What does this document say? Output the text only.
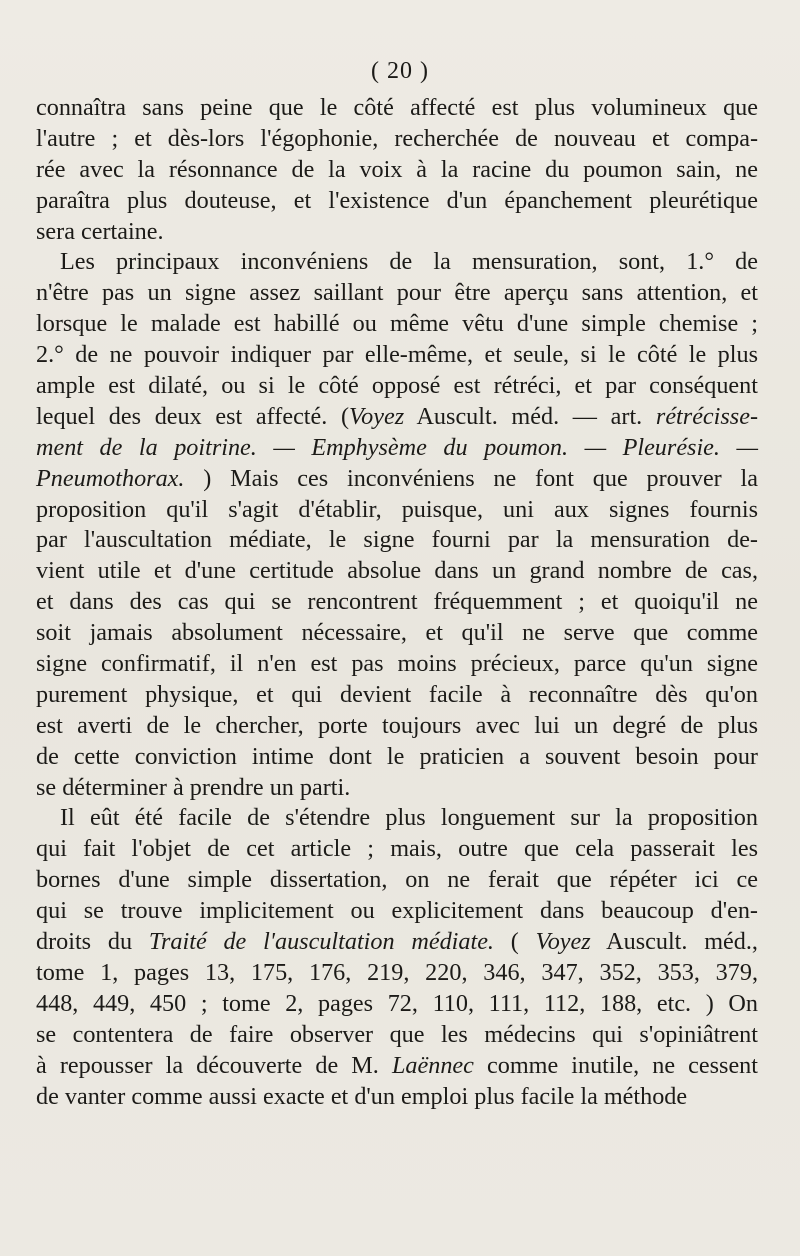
( 20 )
connaîtra sans peine que le côté affecté est plus volumineux que
l'autre ; et dès-lors l'égophonie, recherchée de nouveau et compa-
rée avec la résonnance de la voix à la racine du poumon sain, ne
paraîtra plus douteuse, et l'existence d'un épanchement pleurétique
sera certaine.
Les principaux inconvéniens de la mensuration, sont, 1.° de
n'être pas un signe assez saillant pour être aperçu sans attention, et
lorsque le malade est habillé ou même vêtu d'une simple chemise ;
2.° de ne pouvoir indiquer par elle-même, et seule, si le côté le plus
ample est dilaté, ou si le côté opposé est rétréci, et par conséquent
lequel des deux est affecté. (Voyez Auscult. méd. — art. rétrécisse-
ment de la poitrine. — Emphysème du poumon. — Pleurésie. —
Pneumothorax. ) Mais ces inconvéniens ne font que prouver la
proposition qu'il s'agit d'établir, puisque, uni aux signes fournis
par l'auscultation médiate, le signe fourni par la mensuration de-
vient utile et d'une certitude absolue dans un grand nombre de cas,
et dans des cas qui se rencontrent fréquemment ; et quoiqu'il ne
soit jamais absolument nécessaire, et qu'il ne serve que comme
signe confirmatif, il n'en est pas moins précieux, parce qu'un signe
purement physique, et qui devient facile à reconnaître dès qu'on
est averti de le chercher, porte toujours avec lui un degré de plus
de cette conviction intime dont le praticien a souvent besoin pour
se déterminer à prendre un parti.
Il eût été facile de s'étendre plus longuement sur la proposition
qui fait l'objet de cet article ; mais, outre que cela passerait les
bornes d'une simple dissertation, on ne ferait que répéter ici ce
qui se trouve implicitement ou explicitement dans beaucoup d'en-
droits du Traité de l'auscultation médiate. ( Voyez Auscult. méd.,
tome 1, pages 13, 175, 176, 219, 220, 346, 347, 352, 353, 379,
448, 449, 450 ; tome 2, pages 72, 110, 111, 112, 188, etc. ) On
se contentera de faire observer que les médecins qui s'opiniâtrent
à repousser la découverte de M. Laënnec comme inutile, ne cessent
de vanter comme aussi exacte et d'un emploi plus facile la méthode
